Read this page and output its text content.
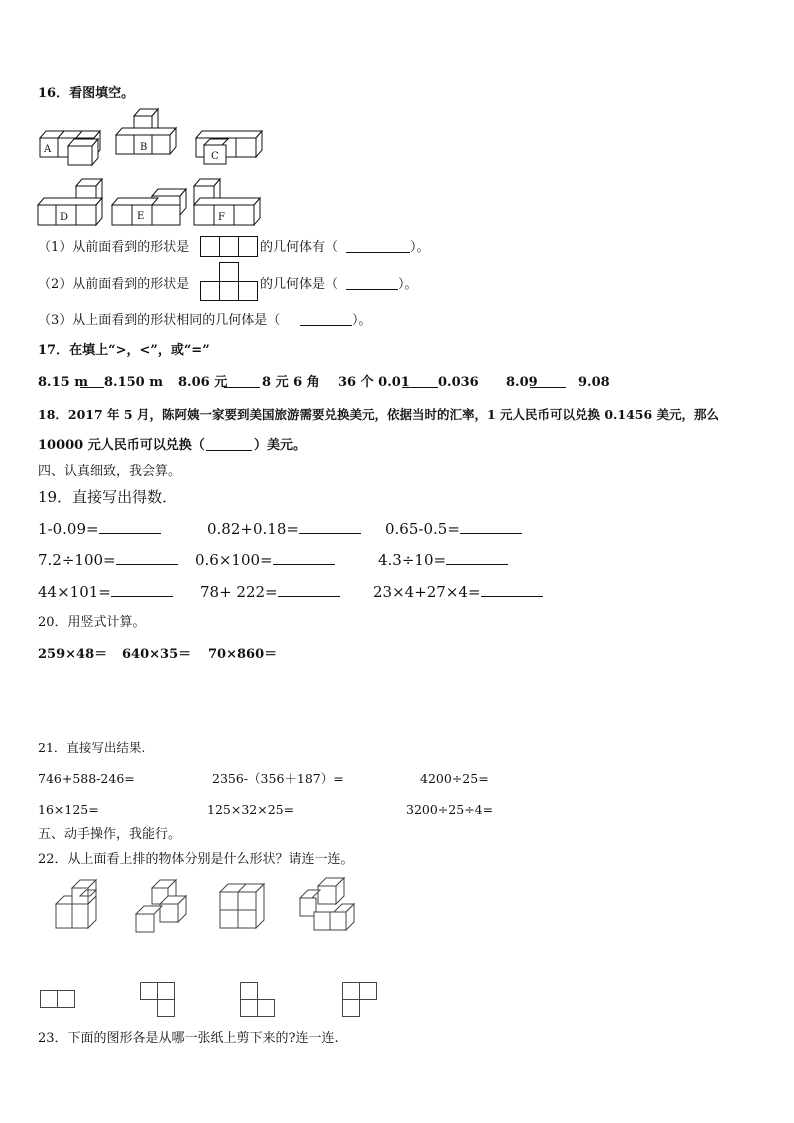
16．看图填空。
A	B
C
D	E	F
（1）从前面看到的形状是	的几何体有（	）。
（2）从前面看到的形状是	的几何体是（	）。
（3）从上面看到的形状相同的几何体是（	）。
17．在填上“>，<”，或“=”
8.15 m 8.150 m 8.06 元	8 元 6 角 36 个 0.01 0.036 8.09	9.08
18．2017 年 5 月，陈阿姨一家要到美国旅游需要兑换美元，依据当时的汇率，1 元人民币可以兑换 0.1456 美元，那么
10000 元人民币可以兑换（	）美元。
四、认真细致，我会算。
19．直接写出得数．
1-0.09=	0.82+0.18=	0.65-0.5=
7.2÷100=	0.6×100=	4.3÷10=
44×101=	78+ 222=	23×4+27×4=
20．用竖式计算。
259×48＝ 640×35＝ 70×860＝
21．直接写出结果.
746+588-246=	2356-（356＋187）=	4200÷25=
16×125=	125×32×25=	3200÷25÷4=
五、动手操作，我能行。
22．从上面看上排的物体分别是什么形状？请连一连。
23．下面的图形各是从哪一张纸上剪下来的?连一连.
